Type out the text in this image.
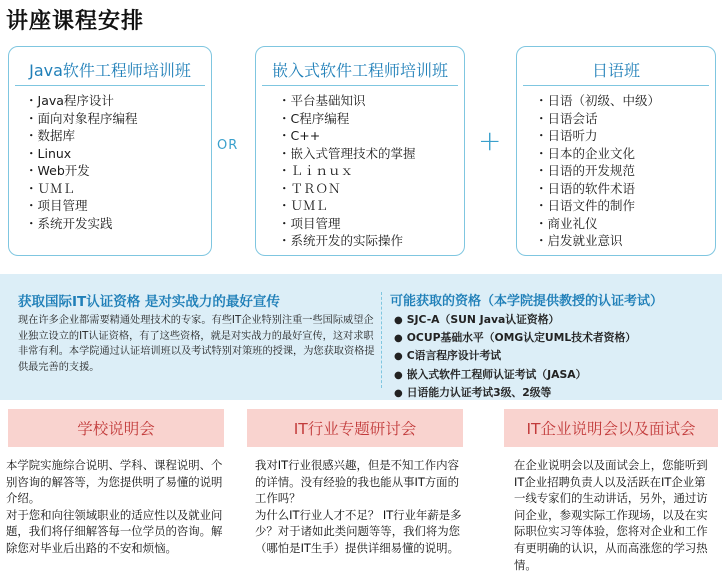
讲座课程安排
Java软件工程师培训班
・ Java程序设计
・ 面向对象程序编程
・ 数据库
・ Linux
・ Web开发
・ ＵＭＬ
・ 项目管理
・ 系统开发实践
OR
嵌入式软件工程师培训班
・ 平台基础知识
・ C程序编程
・ C++
・ 嵌入式管理技术的掌握
・ Ｌｉｎｕｘ
・ ＴＲＯＮ
・ ＵＭＬ
・ 项目管理
・ 系统开发的实际操作
+
日语班
・ 日语（初级、中级）
・ 日语会话
・ 日语听力
・ 日本的企业文化
・ 日语的开发规范
・ 日语的软件术语
・ 日语文件的制作
・ 商业礼仪
・ 启发就业意识
获取国际IT认证资格 是对实战力的最好宣传
现在许多企业都需要精通处理技术的专家。有些IT企业特别注重一些国际威望企业独立设立的IT认证资格，有了这些资格，就是对实战力的最好宣传，这对求职非常有利。本学院通过认证培训班以及考试特别对策班的授课，为您获取资格提供最完善的支援。
可能获取的资格（本学院提供教授的认证考试）
● SJC-A（SUN Java认证资格）
● OCUP基础水平（OMG认定UML技术者资格）
● C语言程序设计考试
● 嵌入式软件工程师认证考试（JASA）
● 日语能力认证考试3级、2级等
学校说明会
本学院实施综合说明、学科、课程说明、个别咨询的解答等，为您提供明了易懂的说明介绍。
对于您和向往领域职业的适应性以及就业问题，我们将仔细解答每一位学员的咨询。解除您对毕业后出路的不安和烦恼。
IT行业专题研讨会
我对IT行业很感兴趣，但是不知工作内容的详情。没有经验的我也能从事IT方面的工作吗？
为什么IT行业人才不足？ IT行业年薪是多少？对于诸如此类问题等等，我们将为您（哪怕是IT生手）提供详细易懂的说明。
IT企业说明会以及面试会
在企业说明会以及面试会上，您能听到IT企业招聘负责人以及活跃在IT企业第一线专家们的生动讲话，另外，通过访问企业，参观实际工作现场，以及在实际职位实习等体验，您将对企业和工作有更明确的认识，从而高涨您的学习热情。
